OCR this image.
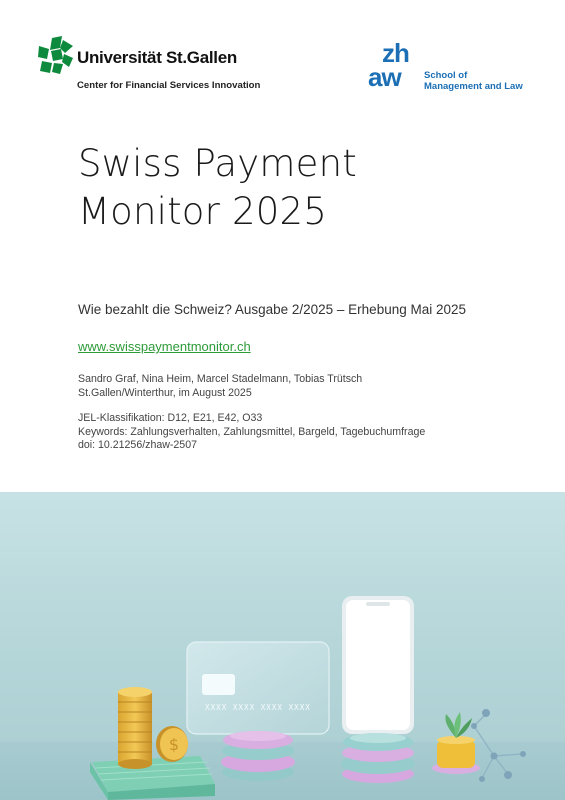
Universität St.Gallen
Center for Financial Services Innovation
zh
aw School of
Management and Law
Swiss Payment
Monitor 2025
Wie bezahlt die Schweiz? Ausgabe 2/2025 – Erhebung Mai 2025
www.swisspaymentmonitor.ch
Sandro Graf, Nina Heim, Marcel Stadelmann, Tobias Trütsch
St.Gallen/Winterthur, im August 2025
JEL-Klassifikation: D12, E21, E42, O33
Keywords: Zahlungsverhalten, Zahlungsmittel, Bargeld, Tagebuchumfrage
doi: 10.21256/zhaw-2507
$
XXXX XXXX XXXX XXXX
